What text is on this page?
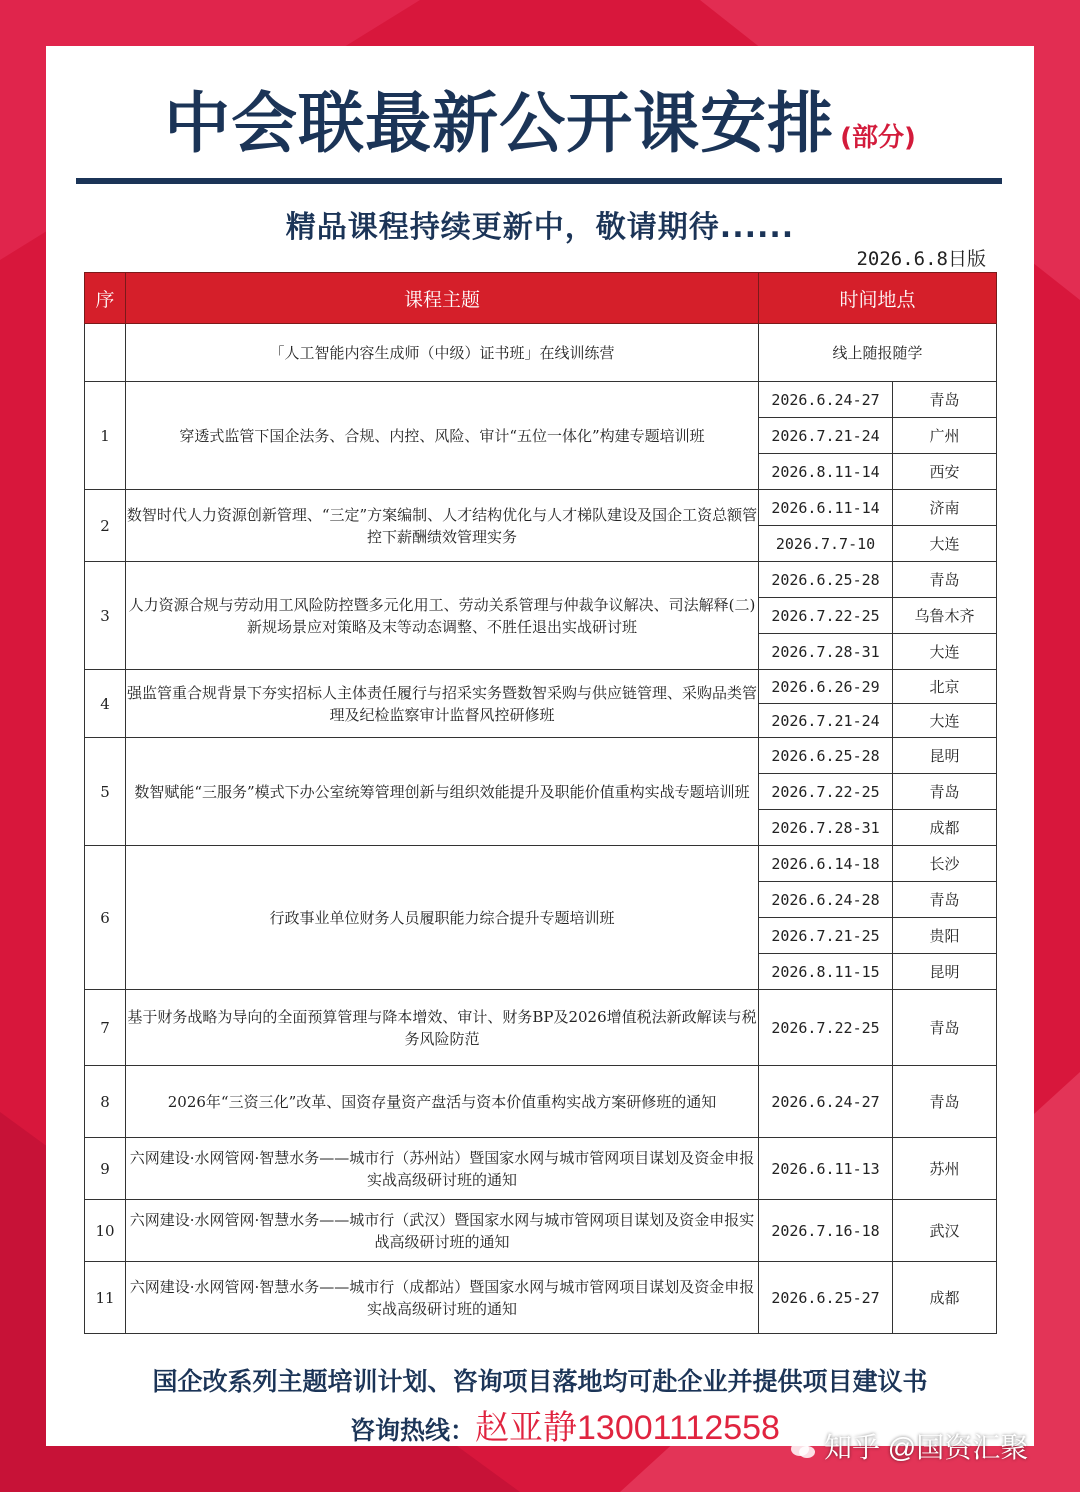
中会联最新公开课安排 (部分)
精品课程持续更新中，敬请期待......
2026.6.8日版
序	课程主题	时间地点	
	「人工智能内容生成师（中级）证书班」在线训练营	线上随报随学	
1	穿透式监管下国企法务、合规、内控、风险、审计“五位一体化”构建专题培训班	2026.6.24-27	青岛
		2026.7.21-24	广州
		2026.8.11-14	西安
2	数智时代人力资源创新管理、“三定”方案编制、人才结构优化与人才梯队建设及国企工资总额管控下薪酬绩效管理实务	2026.6.11-14	济南
		2026.7.7-10	大连
3	人力资源合规与劳动用工风险防控暨多元化用工、劳动关系管理与仲裁争议解决、司法解释(二)新规场景应对策略及末等动态调整、不胜任退出实战研讨班	2026.6.25-28	青岛
		2026.7.22-25	乌鲁木齐
		2026.7.28-31	大连
4	强监管重合规背景下夯实招标人主体责任履行与招采实务暨数智采购与供应链管理、采购品类管理及纪检监察审计监督风控研修班	2026.6.26-29	北京
		2026.7.21-24	大连
5	数智赋能“三服务”模式下办公室统筹管理创新与组织效能提升及职能价值重构实战专题培训班	2026.6.25-28	昆明
		2026.7.22-25	青岛
		2026.7.28-31	成都
6	行政事业单位财务人员履职能力综合提升专题培训班	2026.6.14-18	长沙
		2026.6.24-28	青岛
		2026.7.21-25	贵阳
		2026.8.11-15	昆明
7	基于财务战略为导向的全面预算管理与降本增效、审计、财务BP及2026增值税法新政解读与税务风险防范	2026.7.22-25	青岛
8	2026年“三资三化”改革、国资存量资产盘活与资本价值重构实战方案研修班的通知	2026.6.24-27	青岛
9	六网建设·水网管网·智慧水务——城市行（苏州站）暨国家水网与城市管网项目谋划及资金申报实战高级研讨班的通知	2026.6.11-13	苏州
10	六网建设·水网管网·智慧水务——城市行（武汉）暨国家水网与城市管网项目谋划及资金申报实战高级研讨班的通知	2026.7.16-18	武汉
11	六网建设·水网管网·智慧水务——城市行（成都站）暨国家水网与城市管网项目谋划及资金申报实战高级研讨班的通知	2026.6.25-27	成都
国企改系列主题培训计划、咨询项目落地均可赴企业并提供项目建议书
咨询热线：赵亚静13001112558
知乎 @国资汇聚
